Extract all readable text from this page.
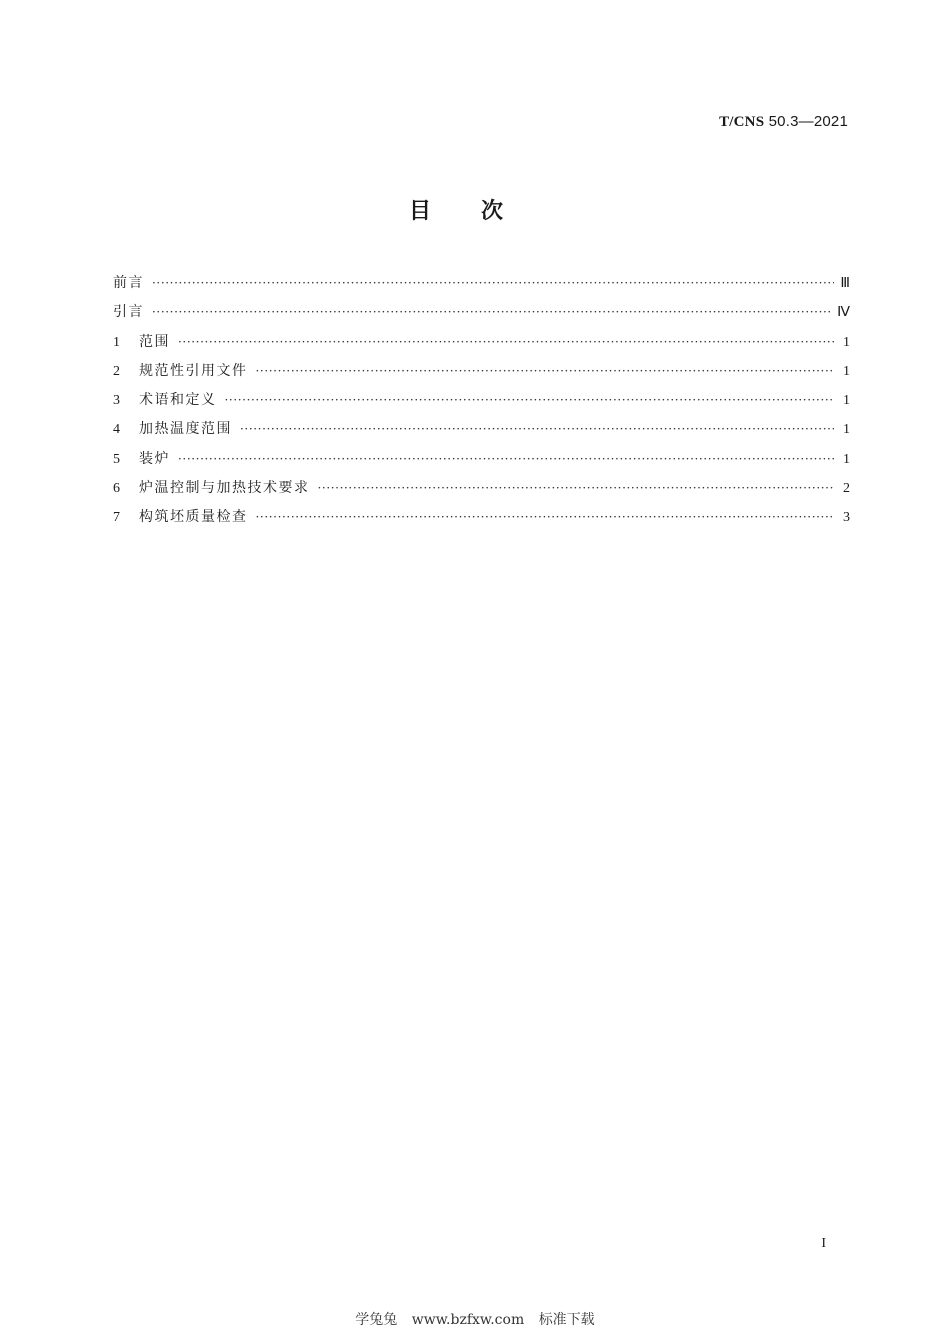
T/CNS 50.3—2021
目次
前言 ·····	Ⅲ
引言 ·····	Ⅳ
1	范围 ·····	1
2	规范性引用文件 ·····	1
3	术语和定义 ·····	1
4	加热温度范围 ·····	1
5	装炉 ·····	1
6	炉温控制与加热技术要求 ·····	2
7	构筑坯质量检查 ·····	3
I
学兔兔 www.bzfxw.com 标准下载
